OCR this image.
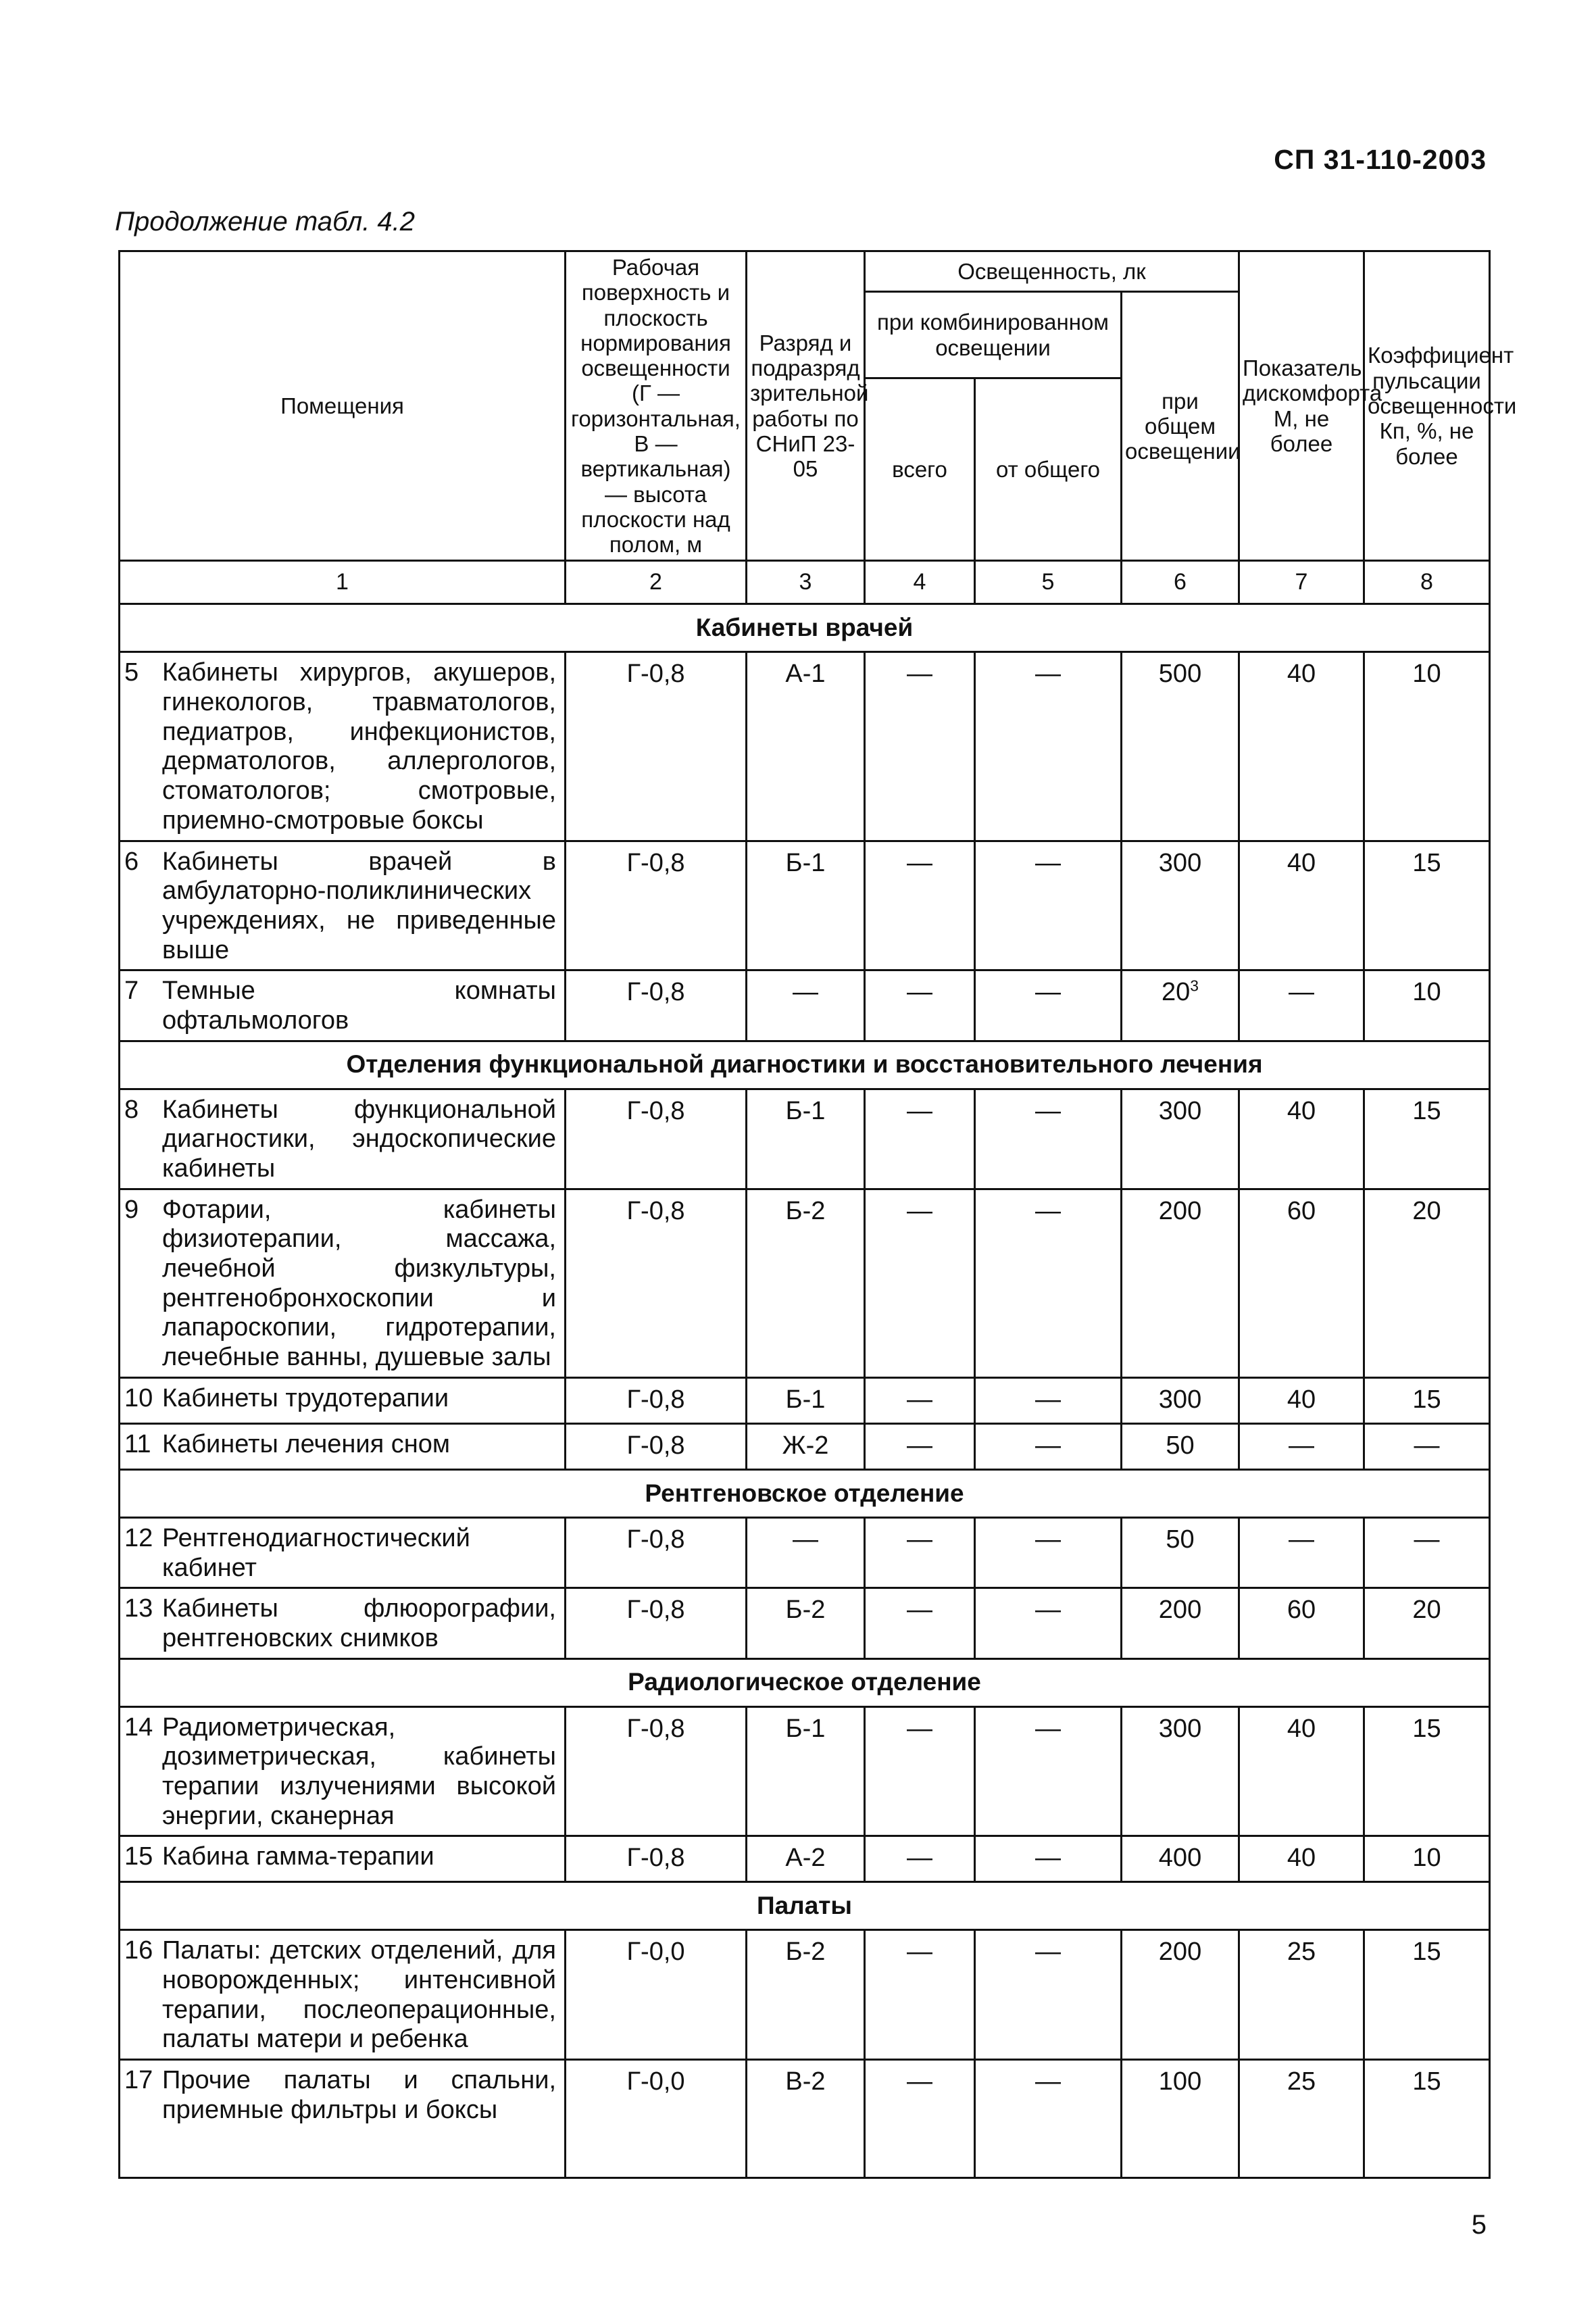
СП 31-110-2003
Продолжение табл. 4.2
Помещения	Рабочая поверхность и плоскость нормирования освещенности (Г — горизонтальная, В — вертикальная) — высота плоскости над полом, м	Разряд и подразряд зрительной работы по СНиП 23-05	Освещенность, лк			Показатель дискомфорта M, не более	Коэффициент пульсации освещенности Кп, %, не более
			при комбинированном освещении		при общем освещении		
			всего	от общего			
1	2	3	4	5	6	7	8
Кабинеты врачей							
5 Кабинеты хирургов, акушеров, гинекологов, травматологов, педиатров, инфекционистов, дерматологов, аллергологов, стоматологов; смотровые, приемно-смотровые боксы	Г-0,8	А-1	—	—	500	40	10
6 Кабинеты врачей в амбулаторно-поликлинических учреждениях, не приведенные выше	Г-0,8	Б-1	—	—	300	40	15
7 Темные комнаты офтальмологов	Г-0,8	—	—	—	$20^3$	—	10
Отделения функциональной диагностики и восстановительного лечения							
8 Кабинеты функциональной диагностики, эндоскопические кабинеты	Г-0,8	Б-1	—	—	300	40	15
9 Фотарии, кабинеты физиотерапии, массажа, лечебной физкультуры, рентгенобронхоскопии и лапароскопии, гидротерапии, лечебные ванны, душевые залы	Г-0,8	Б-2	—	—	200	60	20
10 Кабинеты трудотерапии	Г-0,8	Б-1	—	—	300	40	15
11 Кабинеты лечения сном	Г-0,8	Ж-2	—	—	50	—	—
Рентгеновское отделение							
12 Рентгенодиагностический кабинет	Г-0,8	—	—	—	50	—	—
13 Кабинеты флюорографии, рентгеновских снимков	Г-0,8	Б-2	—	—	200	60	20
Радиологическое отделение							
14 Радиометрическая, дозиметрическая, кабинеты терапии излучениями высокой энергии, сканерная	Г-0,8	Б-1	—	—	300	40	15
15 Кабина гамма-терапии	Г-0,8	А-2	—	—	400	40	10
Палаты							
16 Палаты: детских отделений, для новорожденных; интенсивной терапии, послеоперационные, палаты матери и ребенка	Г-0,0	Б-2	—	—	200	25	15
17 Прочие палаты и спальни, приемные фильтры и боксы	Г-0,0	В-2	—	—	100	25	15
5
